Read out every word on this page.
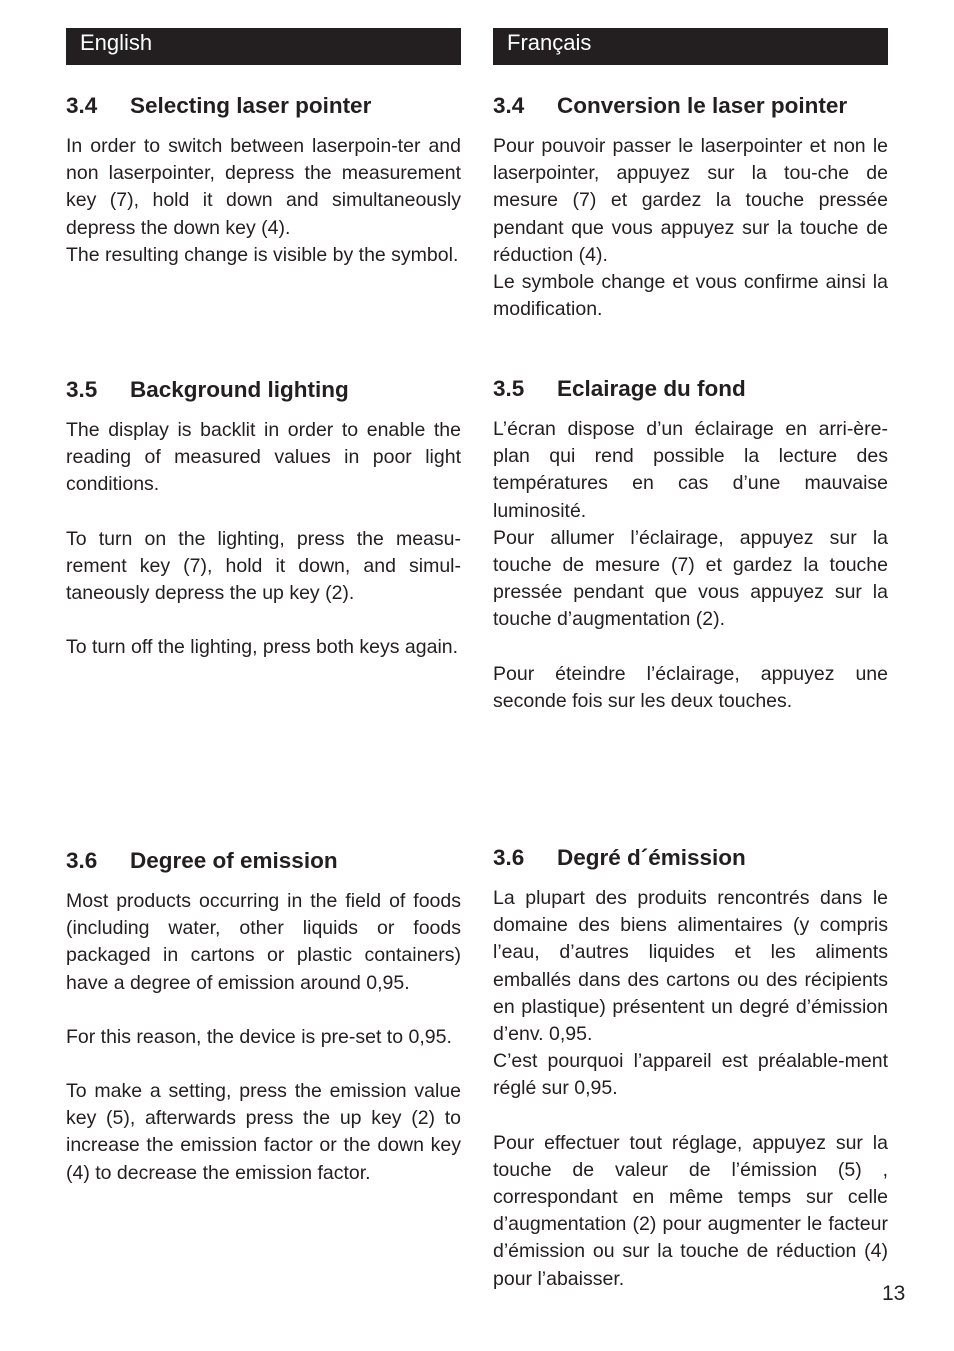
English	Français
3.4	Selecting laser pointer

In order to switch between laserpoin-ter and non laserpointer, depress the measurement key (7), hold it down and simultaneously depress the down key (4).

The resulting change is visible by the symbol.

3.5	Background lighting

The display is backlit in order to enable the reading of measured values in poor light conditions.

To turn on the lighting, press the measu-rement key (7), hold it down, and simul-taneously depress the up key (2).

To turn off the lighting, press both keys again.

3.6	Degree of emission

Most products occurring in the field of foods (including water, other liquids or foods packaged in cartons or plastic containers) have a degree of emission around 0,95.

For this reason, the device is pre-set to 0,95.

To make a setting, press the emission value key (5), afterwards press the up key (2) to increase the emission factor or the down key (4) to decrease the emission factor.

3.4	Conversion le laser pointer

Pour pouvoir passer le laserpointer et non le laserpointer, appuyez sur la tou-che de mesure (7) et gardez la touche pressée pendant que vous appuyez sur la touche de réduction (4).

Le symbole change et vous confirme ainsi la modification.

3.5	Eclairage du fond

L’écran dispose d’un éclairage en arri-ère-plan qui rend possible la lecture des températures en cas d’une mauvaise luminosité.

Pour allumer l’éclairage, appuyez sur la touche de mesure (7) et gardez la touche pressée pendant que vous appuyez sur la touche d’augmentation (2).

Pour éteindre l’éclairage, appuyez une seconde fois sur les deux touches.

3.6	Degré d´émission

La plupart des produits rencontrés dans le domaine des biens alimentaires (y compris l’eau, d’autres liquides et les aliments emballés dans des cartons ou des récipients en plastique) présentent un degré d’émission d’env. 0,95.

C’est pourquoi l’appareil est préalable-ment réglé sur 0,95.

Pour effectuer tout réglage, appuyez sur la touche de valeur de l’émission (5) , correspondant en même temps sur celle d’augmentation (2) pour augmenter le facteur d’émission ou sur la touche de réduction (4) pour l’abaisser.

13
